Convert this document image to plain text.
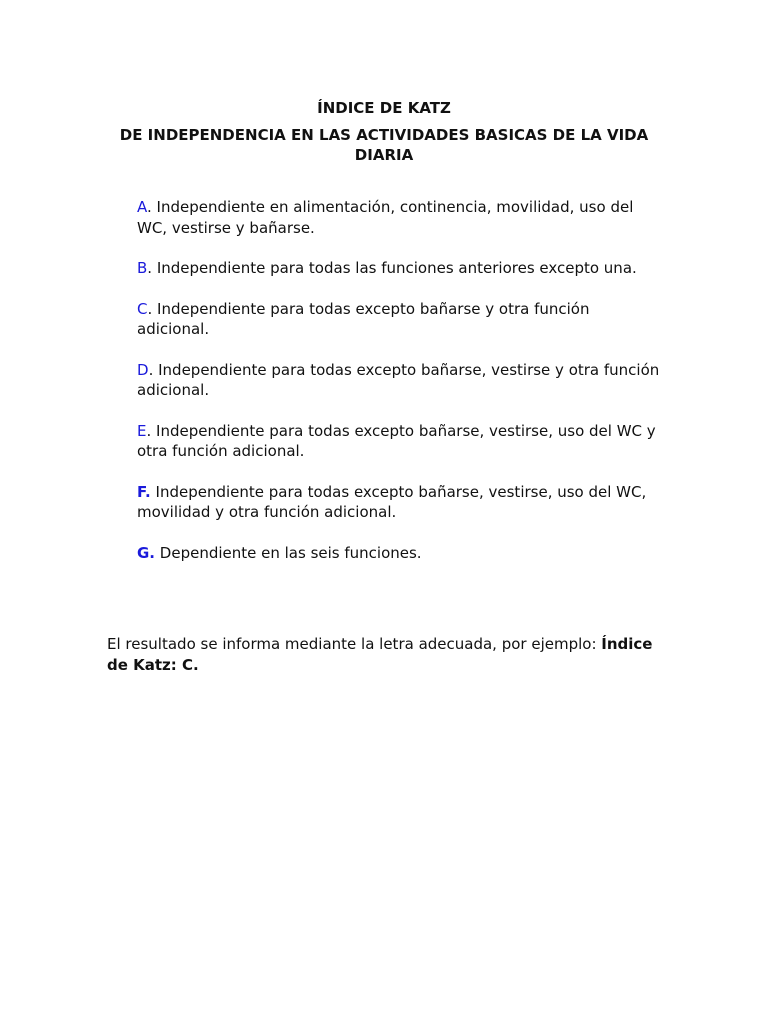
ÍNDICE DE KATZ
DE INDEPENDENCIA EN LAS ACTIVIDADES BASICAS DE LA VIDA DIARIA

A. Independiente en alimentación, continencia, movilidad, uso del WC, vestirse y bañarse.

B. Independiente para todas las funciones anteriores excepto una.

C. Independiente para todas excepto bañarse y otra función adicional.

D. Independiente para todas excepto bañarse, vestirse y otra función adicional.

E. Independiente para todas excepto bañarse, vestirse, uso del WC y otra función adicional.

F. Independiente para todas excepto bañarse, vestirse, uso del WC, movilidad y otra función adicional.

G. Dependiente en las seis funciones.

El resultado se informa mediante la letra adecuada, por ejemplo: Índice de Katz: C.
